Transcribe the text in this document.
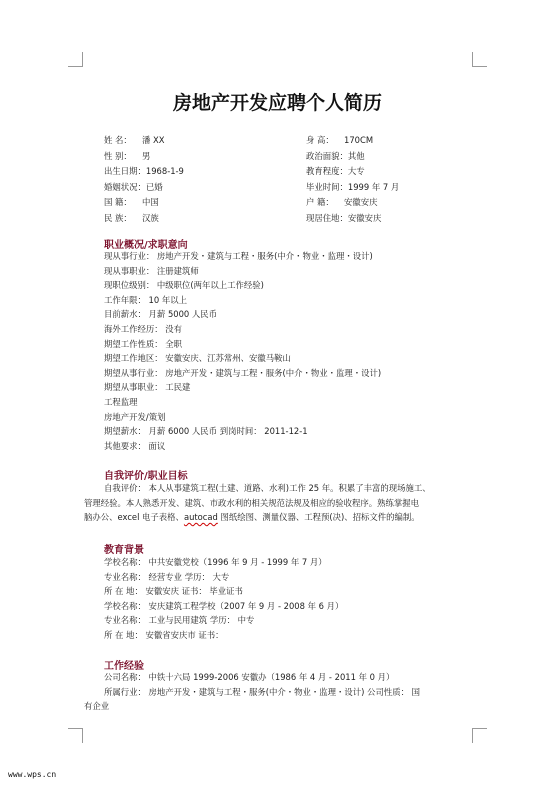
房地产开发应聘个人简历
姓 名： 潘 XX	身 高： 170CM
性 别： 男	政治面貌：其他
出生日期：1968-1-9	教育程度：大专
婚姻状况：已婚	毕业时间：1999 年 7 月
国 籍： 中国	户 籍： 安徽安庆
民 族： 汉族	现居住地：安徽安庆
职业概况/求职意向
现从事行业： 房地产开发・建筑与工程・服务(中介・物业・监理・设计)
现从事职业： 注册建筑师
现职位级别： 中级职位(两年以上工作经验)
工作年限： 10 年以上
目前薪水： 月薪 5000 人民币
海外工作经历： 没有
期望工作性质： 全职
期望工作地区： 安徽安庆、江苏常州、安徽马鞍山
期望从事行业： 房地产开发・建筑与工程・服务(中介・物业・监理・设计)
期望从事职业： 工民建
工程监理
房地产开发/策划
期望薪水： 月薪 6000 人民币 到岗时间： 2011-12-1
其他要求： 面议
自我评价/职业目标
自我评价： 本人从事建筑工程(土建、道路、水利)工作 25 年。积累了丰富的现场施工、
管理经验。本人熟悉开发、建筑、市政水利的相关规范法规及相应的验收程序。熟练掌握电
脑办公、excel 电子表格、autocad 图纸绘图、测量仪器、工程预(决)、招标文件的编制。
教育背景
学校名称： 中共安徽党校（1996 年 9 月 - 1999 年 7 月）
专业名称： 经营专业 学历： 大专
所 在 地： 安徽安庆 证书： 毕业证书
学校名称： 安庆建筑工程学校（2007 年 9 月 - 2008 年 6 月）
专业名称： 工业与民用建筑 学历： 中专
所 在 地： 安徽省安庆市 证书：
工作经验
公司名称： 中铁十六局 1999-2006 安徽办（1986 年 4 月 - 2011 年 0 月）
所属行业： 房地产开发・建筑与工程・服务(中介・物业・监理・设计) 公司性质： 国
有企业
www.wps.cn
